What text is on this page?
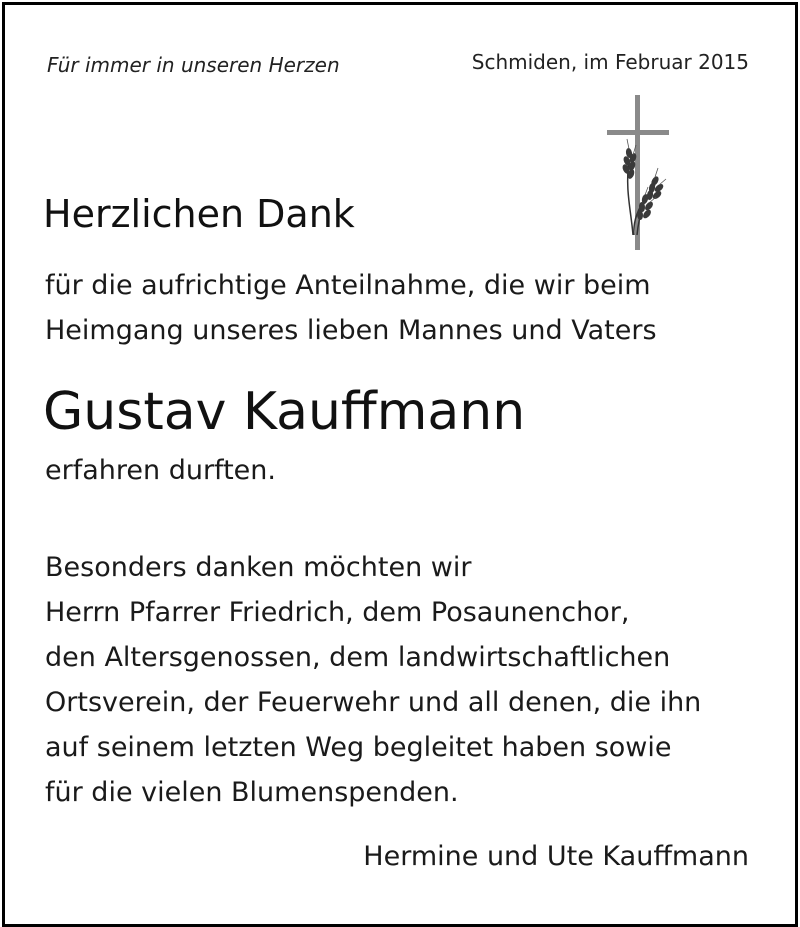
Für immer in unseren Herzen	Schmiden, im Februar 2015
Herzlichen Dank
für die aufrichtige Anteilnahme, die wir beim
Heimgang unseres lieben Mannes und Vaters
Gustav Kauffmann
erfahren durften.
Besonders danken möchten wir
Herrn Pfarrer Friedrich, dem Posaunenchor,
den Altersgenossen, dem landwirtschaftlichen
Ortsverein, der Feuerwehr und all denen, die ihn
auf seinem letzten Weg begleitet haben sowie
für die vielen Blumenspenden.
Hermine und Ute Kauffmann
